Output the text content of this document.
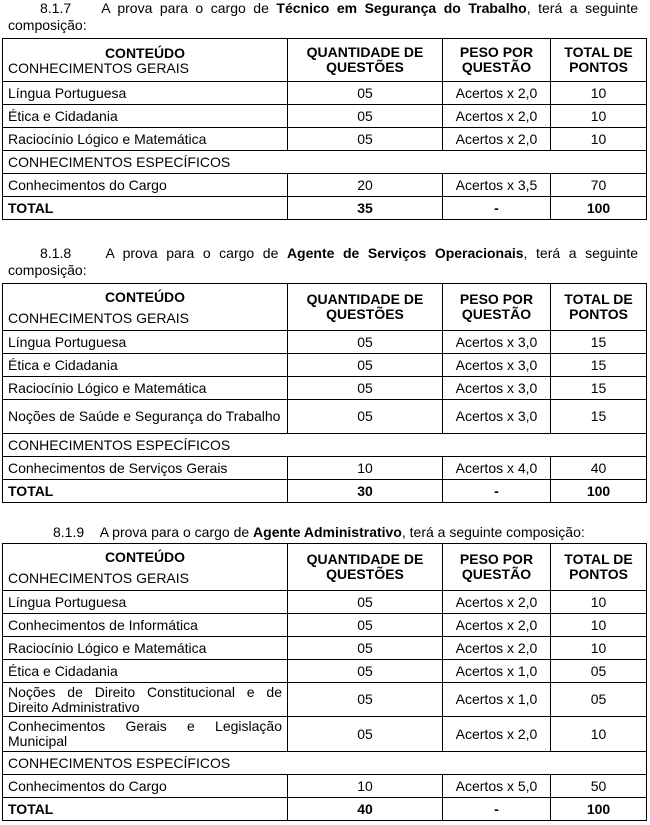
8.1.7 A prova para o cargo de Técnico em Segurança do Trabalho, terá a seguinte composição:
CONTEÚDO
CONHECIMENTOS GERAIS	QUANTIDADE DE QUESTÕES	PESO POR QUESTÃO	TOTAL DE PONTOS
Língua Portuguesa	05	Acertos x 2,0	10
Ética e Cidadania	05	Acertos x 2,0	10
Raciocínio Lógico e Matemática	05	Acertos x 2,0	10
CONHECIMENTOS ESPECÍFICOS			
Conhecimentos do Cargo	20	Acertos x 3,5	70
TOTAL	35	-	100
8.1.8 A prova para o cargo de Agente de Serviços Operacionais, terá a seguinte composição:
CONTEÚDO
CONHECIMENTOS GERAIS	QUANTIDADE DE QUESTÕES	PESO POR QUESTÃO	TOTAL DE PONTOS
Língua Portuguesa	05	Acertos x 3,0	15
Ética e Cidadania	05	Acertos x 3,0	15
Raciocínio Lógico e Matemática	05	Acertos x 3,0	15
Noções de Saúde e Segurança do Trabalho	05	Acertos x 3,0	15
CONHECIMENTOS ESPECÍFICOS			
Conhecimentos de Serviços Gerais	10	Acertos x 4,0	40
TOTAL	30	-	100
8.1.9 A prova para o cargo de Agente Administrativo, terá a seguinte composição:
CONTEÚDO
CONHECIMENTOS GERAIS	QUANTIDADE DE QUESTÕES	PESO POR QUESTÃO	TOTAL DE PONTOS
Língua Portuguesa	05	Acertos x 2,0	10
Conhecimentos de Informática	05	Acertos x 2,0	10
Raciocínio Lógico e Matemática	05	Acertos x 2,0	10
Ética e Cidadania	05	Acertos x 1,0	05
Noções de Direito Constitucional e de Direito Administrativo	05	Acertos x 1,0	05
Conhecimentos Gerais e Legislação Municipal	05	Acertos x 2,0	10
CONHECIMENTOS ESPECÍFICOS			
Conhecimentos do Cargo	10	Acertos x 5,0	50
TOTAL	40	-	100
